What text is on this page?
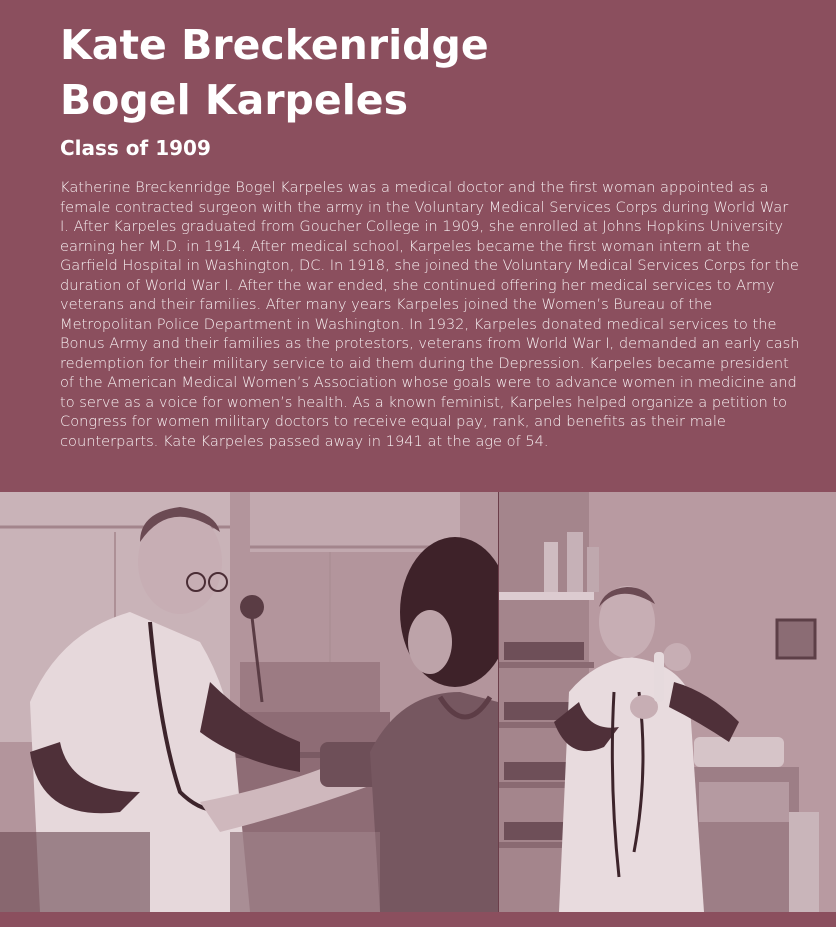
Kate Breckenridge
Bogel Karpeles
Class of 1909

Katherine Breckenridge Bogel Karpeles was a medical doctor and the first woman appointed as a female contracted surgeon with the army in the Voluntary Medical Services Corps during World War I. After Karpeles graduated from Goucher College in 1909, she enrolled at Johns Hopkins University earning her M.D. in 1914. After medical school, Karpeles became the first woman intern at the Garfield Hospital in Washington, DC. In 1918, she joined the Voluntary Medical Services Corps for the duration of World War I. After the war ended, she continued offering her medical services to Army veterans and their families. After many years Karpeles joined the Women’s Bureau of the Metropolitan Police Department in Washington. In 1932, Karpeles donated medical services to the Bonus Army and their families as the protestors, veterans from World War I, demanded an early cash redemption for their military service to aid them during the Depression. Karpeles became president of the American Medical Women’s Association whose goals were to advance women in medicine and to serve as a voice for women’s health. As a known feminist, Karpeles helped organize a petition to Congress for women military doctors to receive equal pay, rank, and benefits as their male counterparts. Kate Karpeles passed away in 1941 at the age of 54.
